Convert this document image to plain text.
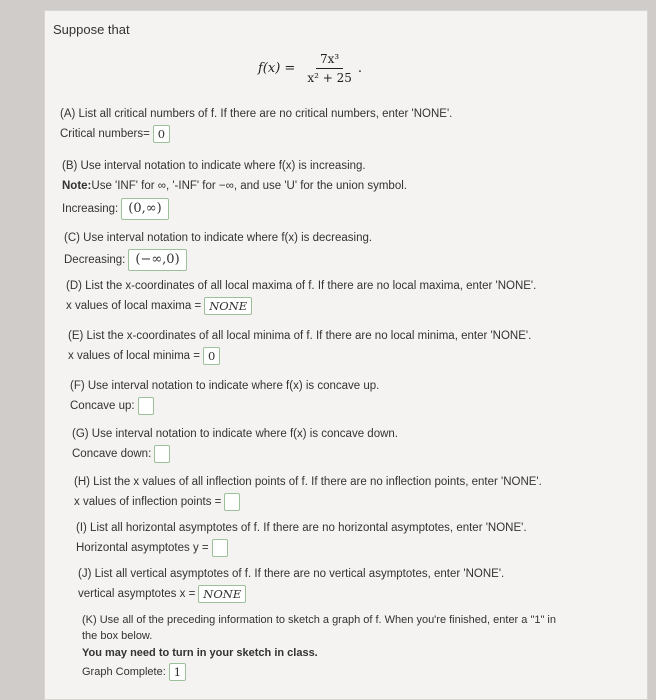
Suppose that
$f(x) = \frac{\text{7x³}}{\text{x² + 25}}$ .
(A) List all critical numbers of f. If there are no critical numbers, enter 'NONE'.
Critical numbers= 0
(B) Use interval notation to indicate where f(x) is increasing.
Note: Use 'INF' for ∞, '-INF' for −∞, and use 'U' for the union symbol.
Increasing: (0,∞)
(C) Use interval notation to indicate where f(x) is decreasing.
Decreasing: (−∞,0)
(D) List the x-coordinates of all local maxima of f. If there are no local maxima, enter 'NONE'.
x values of local maxima = NONE
(E) List the x-coordinates of all local minima of f. If there are no local minima, enter 'NONE'.
x values of local minima = 0
(F) Use interval notation to indicate where f(x) is concave up.
Concave up:
(G) Use interval notation to indicate where f(x) is concave down.
Concave down:
(H) List the x values of all inflection points of f. If there are no inflection points, enter 'NONE'.
x values of inflection points =
(I) List all horizontal asymptotes of f. If there are no horizontal asymptotes, enter 'NONE'.
Horizontal asymptotes y =
(J) List all vertical asymptotes of f. If there are no vertical asymptotes, enter 'NONE'.
vertical asymptotes x = NONE
(K) Use all of the preceding information to sketch a graph of f. When you're finished, enter a "1" in
the box below.
You may need to turn in your sketch in class.
Graph Complete: 1
